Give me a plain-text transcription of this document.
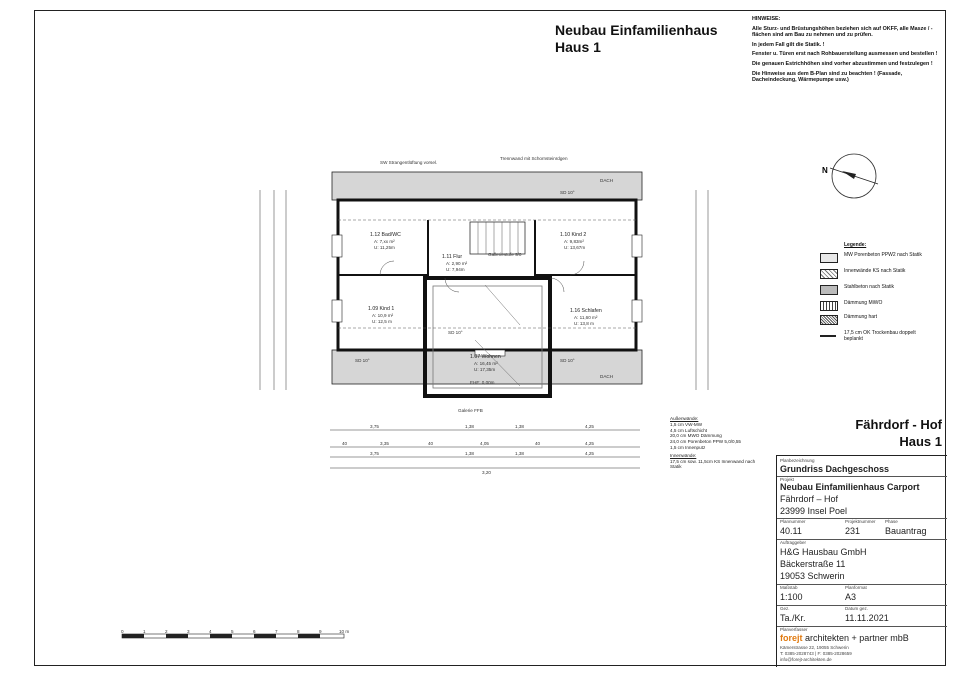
Neubau Einfamilienhaus
Haus 1

HINWEISE:

Alle Sturz- und Brüstungshöhen beziehen sich auf OKFF, alle Masze / -flächen sind am Bau zu nehmen und zu prüfen.

In jedem Fall gilt die Statik. !

Fenster u. Türen erst nach Rohbauerstellung ausmessen und bestellen !

Die genauen Estrichhöhen sind vorher abzustimmen und festzulegen !

Die Hinweise aus dem B-Plan sind zu beachten ! (Fassade, Dacheindeckung, Wärmepumpe usw.)

N
Legende:
MW Porenbeton PPW2 nach Statik
Innenwände KS nach Statik
Stahlbeton nach Statik
Dämmung MiWO
Dämmung hart
17,5 cm OK Trockenbau doppelt beplankt
1.12 Bad/WC
A: 7,xx m²
U: 11,25m
1.11 Flur
A: 2,90 m²
U: 7,94m
1.10 Kind 2
A: 9,83m²
U: 13,67m
1.09 Kind 1
A: 10,9 m²
U: 12,5 m
1.16 Schlafen
A: 11,60 m²
U: 13,8 m
1.07 Wohnen
A: 16,45 m²
U: 17,35m
Galleriestufe 9/0
DACH
DACH
SD 10°
SD 10°
SD 10°
SD 10°
Galerie FFB
EHF: 0,00m
Trennwand mit Schornsteinrdgen
SW Strangentlüftung vorsel.
3,75	1,38	1,38	4,25
40	3,35	40	4,05	40	4,25
3,75	1,38	1,38	4,25
3,20
Außenwände:
1,5 cm VW-MW
4,5 cm Luftschicht
20,0 cm MWO Dämmung
24,0 cm Porenbeton PPW 5,0/0,55
1,5 cm Innenputz
Innenwände:
17,5 cm sow. 11,5cm KS Innenwand nach Statik
Fährdorf - Hof
Haus 1
Planbezeichnung
Grundriss Dachgeschoss
Projekt
Neubau Einfamilienhaus Carport
Fährdorf – Hof
23999 Insel Poel
Plannummer
40.11
Projektnummer
231
Phase
Bauantrag
Auftraggeber
H&G Hausbau GmbH
Bäckerstraße 11
19053 Schwerin
Maßstab
1:100
Planformat
A3
Gez.
Ta./Kr.
Datum gez.
11.11.2021
Planverfasser
forejt architekten + partner mbB
Kämerstrasse 22, 19055 Schwerin
T: 0385-2028743 | F: 0385-2028659
info@forejt-architekten.de
0	1	2	3	4	5	6	7	8	9	10 m
